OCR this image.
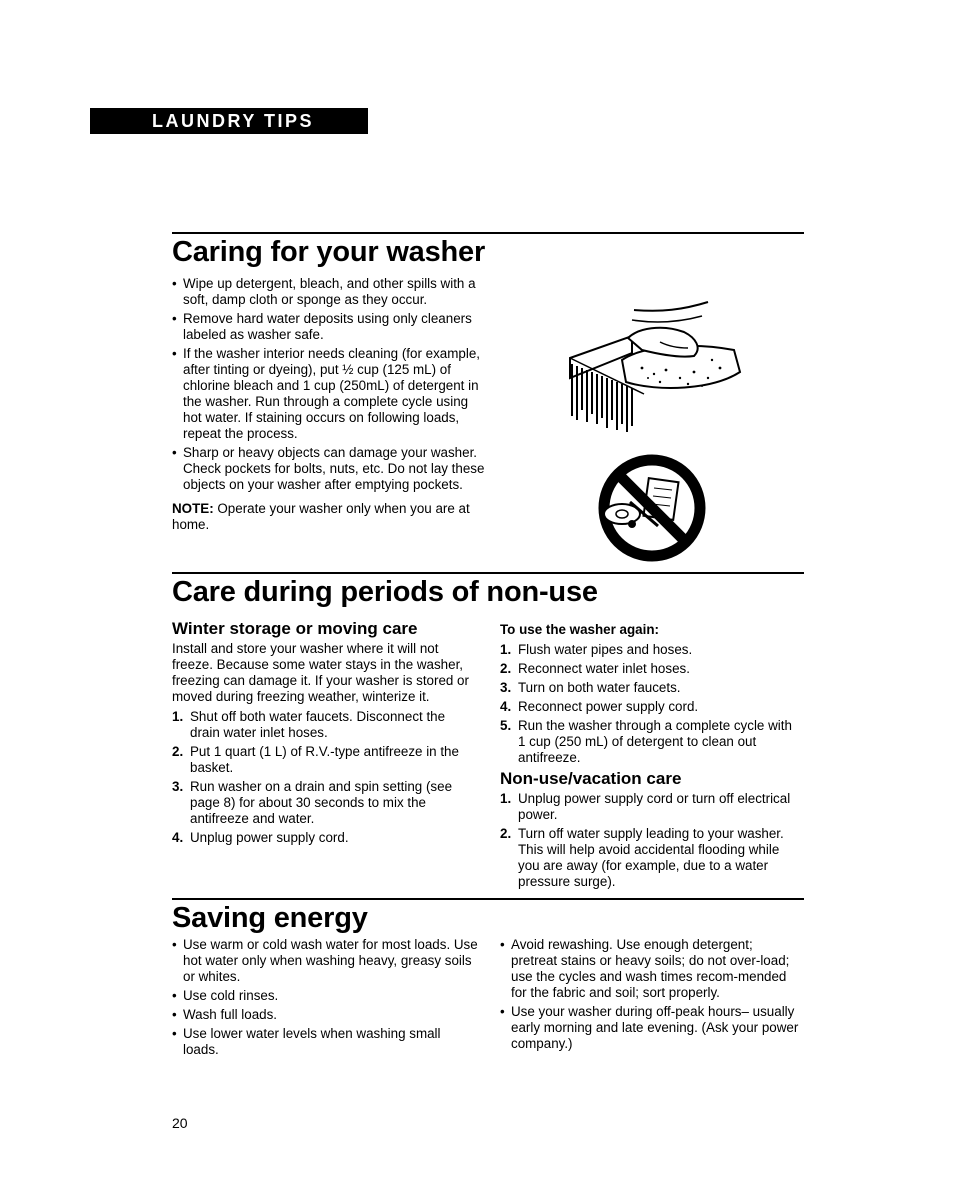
LAUNDRY TIPS
Caring for your washer
• Wipe up detergent, bleach, and other spills with a soft, damp cloth or sponge as they occur.
• Remove hard water deposits using only cleaners labeled as washer safe.
• If the washer interior needs cleaning (for example, after tinting or dyeing), put ½ cup (125 mL) of chlorine bleach and 1 cup (250mL) of detergent in the washer. Run through a complete cycle using hot water. If staining occurs on following loads, repeat the process.
• Sharp or heavy objects can damage your washer. Check pockets for bolts, nuts, etc. Do not lay these objects on your washer after emptying pockets.

NOTE: Operate your washer only when you are at home.

Care during periods of non-use
Winter storage or moving care

Install and store your washer where it will not freeze. Because some water stays in the washer, freezing can damage it. If your washer is stored or moved during freezing weather, winterize it.

1. Shut off both water faucets. Disconnect the drain water inlet hoses.
2. Put 1 quart (1 L) of R.V.-type antifreeze in the basket.
3. Run washer on a drain and spin setting (see page 8) for about 30 seconds to mix the antifreeze and water.
4. Unplug power supply cord.

To use the washer again:

1. Flush water pipes and hoses.
2. Reconnect water inlet hoses.
3. Turn on both water faucets.
4. Reconnect power supply cord.
5. Run the washer through a complete cycle with 1 cup (250 mL) of detergent to clean out antifreeze.
Non-use/vacation care
1. Unplug power supply cord or turn off electrical power.
2. Turn off water supply leading to your washer. This will help avoid accidental flooding while you are away (for example, due to a water pressure surge).
Saving energy
• Use warm or cold wash water for most loads. Use hot water only when washing heavy, greasy soils or whites.
• Use cold rinses.
• Wash full loads.
• Use lower water levels when washing small loads.
• Avoid rewashing. Use enough detergent; pretreat stains or heavy soils; do not over-load; use the cycles and wash times recom-mended for the fabric and soil; sort properly.
• Use your washer during off-peak hours– usually early morning and late evening. (Ask your power company.)
20
